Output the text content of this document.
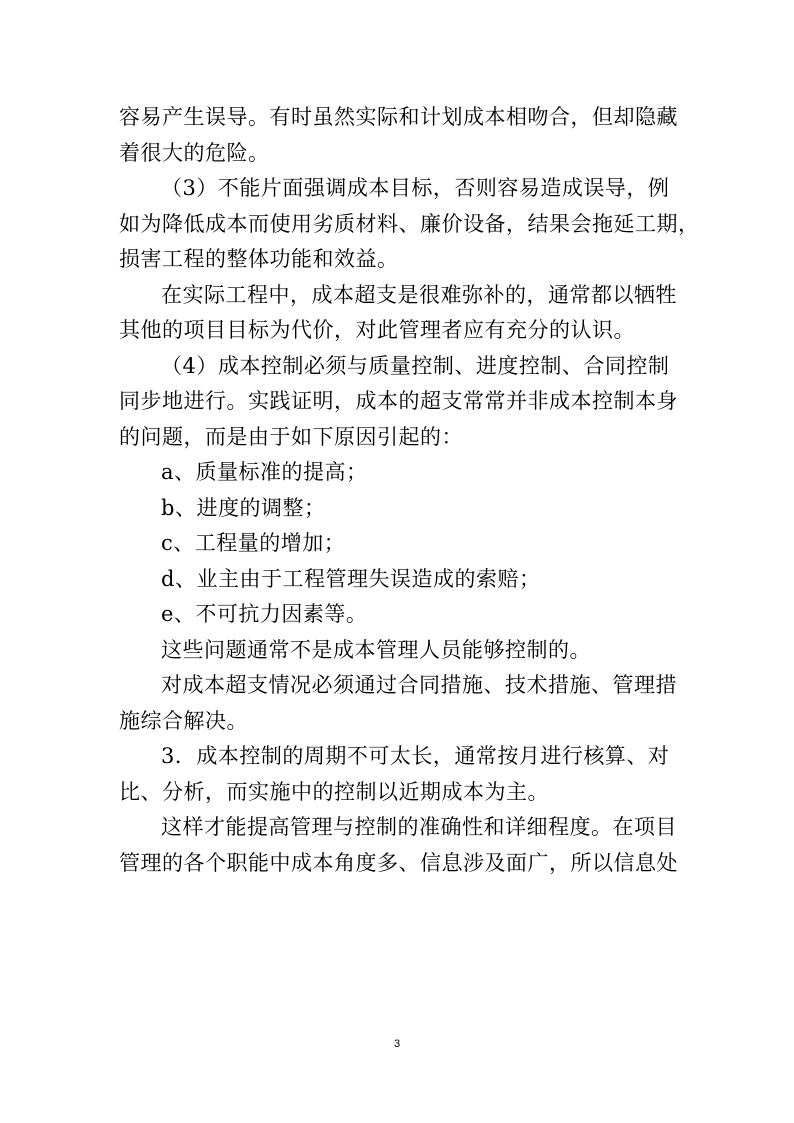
容易产生误导。有时虽然实际和计划成本相吻合，但却隐藏
着很大的危险。
（3）不能片面强调成本目标，否则容易造成误导，例
如为降低成本而使用劣质材料、廉价设备，结果会拖延工期，
损害工程的整体功能和效益。
在实际工程中，成本超支是很难弥补的，通常都以牺牲
其他的项目目标为代价，对此管理者应有充分的认识。
（4）成本控制必须与质量控制、进度控制、合同控制
同步地进行。实践证明，成本的超支常常并非成本控制本身
的问题，而是由于如下原因引起的：
a、质量标准的提高；
b、进度的调整；
c、工程量的增加；
d、业主由于工程管理失误造成的索赔；
e、不可抗力因素等。
这些问题通常不是成本管理人员能够控制的。
对成本超支情况必须通过合同措施、技术措施、管理措
施综合解决。
3．成本控制的周期不可太长，通常按月进行核算、对
比、分析，而实施中的控制以近期成本为主。
这样才能提高管理与控制的准确性和详细程度。在项目
管理的各个职能中成本角度多、信息涉及面广，所以信息处
3
